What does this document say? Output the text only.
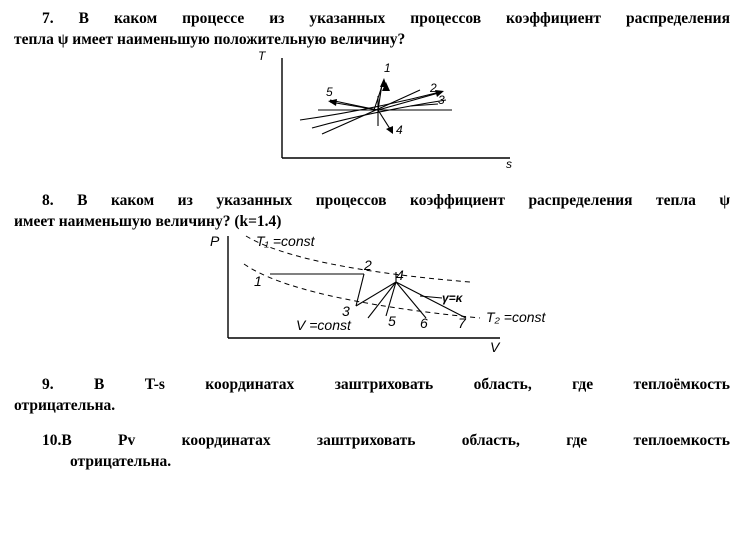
7. В каком процессе из указанных процессов коэффициент распределения
тепла ψ имеет наименьшую положительную величину?
T
s
1
2
3
4
5
P
V
T₁ =const
T₂ =const
V =const
γ=κ
1
2
3
4
5 6 7
8. В каком из указанных процессов коэффициент распределения тепла ψ
имеет наименьшую величину? (k=1.4)
9. В T-s координатах заштриховать область, где теплоёмкость
отрицательна.
10.В Pv координатах заштриховать область, где теплоемкость
отрицательна.
